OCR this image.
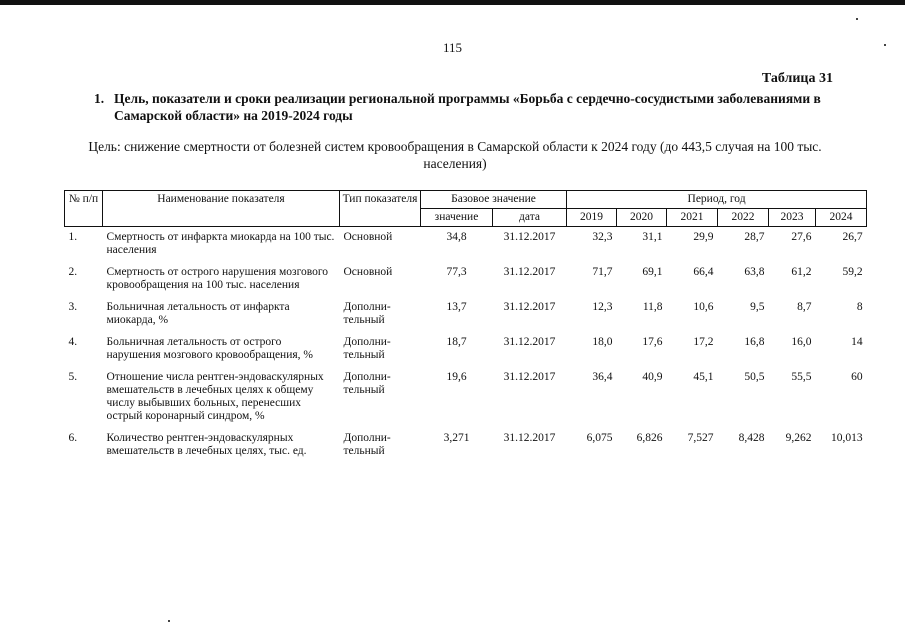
115
Таблица 31
1. Цель, показатели и сроки реализации региональной программы «Борьба с сердечно-сосудистыми заболеваниями в Самарской области» на 2019-2024 годы
Цель: снижение смертности от болезней систем кровообращения в Самарской области к 2024 году (до 443,5 случая на 100 тыс. населения)
№ п/п	Наименование показателя	Тип показателя	Базовое значение		Период, год					
			значение	дата	2019	2020	2021	2022	2023	2024
1.	Смертность от инфаркта миокарда на 100 тыс. населения	Основной	34,8	31.12.2017	32,3	31,1	29,9	28,7	27,6	26,7
2.	Смертность от острого нарушения мозгового кровообращения на 100 тыс. населения	Основной	77,3	31.12.2017	71,7	69,1	66,4	63,8	61,2	59,2
3.	Больничная летальность от инфаркта миокарда, %	Дополни-тельный	13,7	31.12.2017	12,3	11,8	10,6	9,5	8,7	8
4.	Больничная летальность от острого нарушения мозгового кровообращения, %	Дополни-тельный	18,7	31.12.2017	18,0	17,6	17,2	16,8	16,0	14
5.	Отношение числа рентген-эндоваскулярных вмешательств в лечебных целях к общему числу выбывших больных, перенесших острый коронарный синдром, %	Дополни-тельный	19,6	31.12.2017	36,4	40,9	45,1	50,5	55,5	60
6.	Количество рентген-эндоваскулярных вмешательств в лечебных целях, тыс. ед.	Дополни-тельный	3,271	31.12.2017	6,075	6,826	7,527	8,428	9,262	10,013
